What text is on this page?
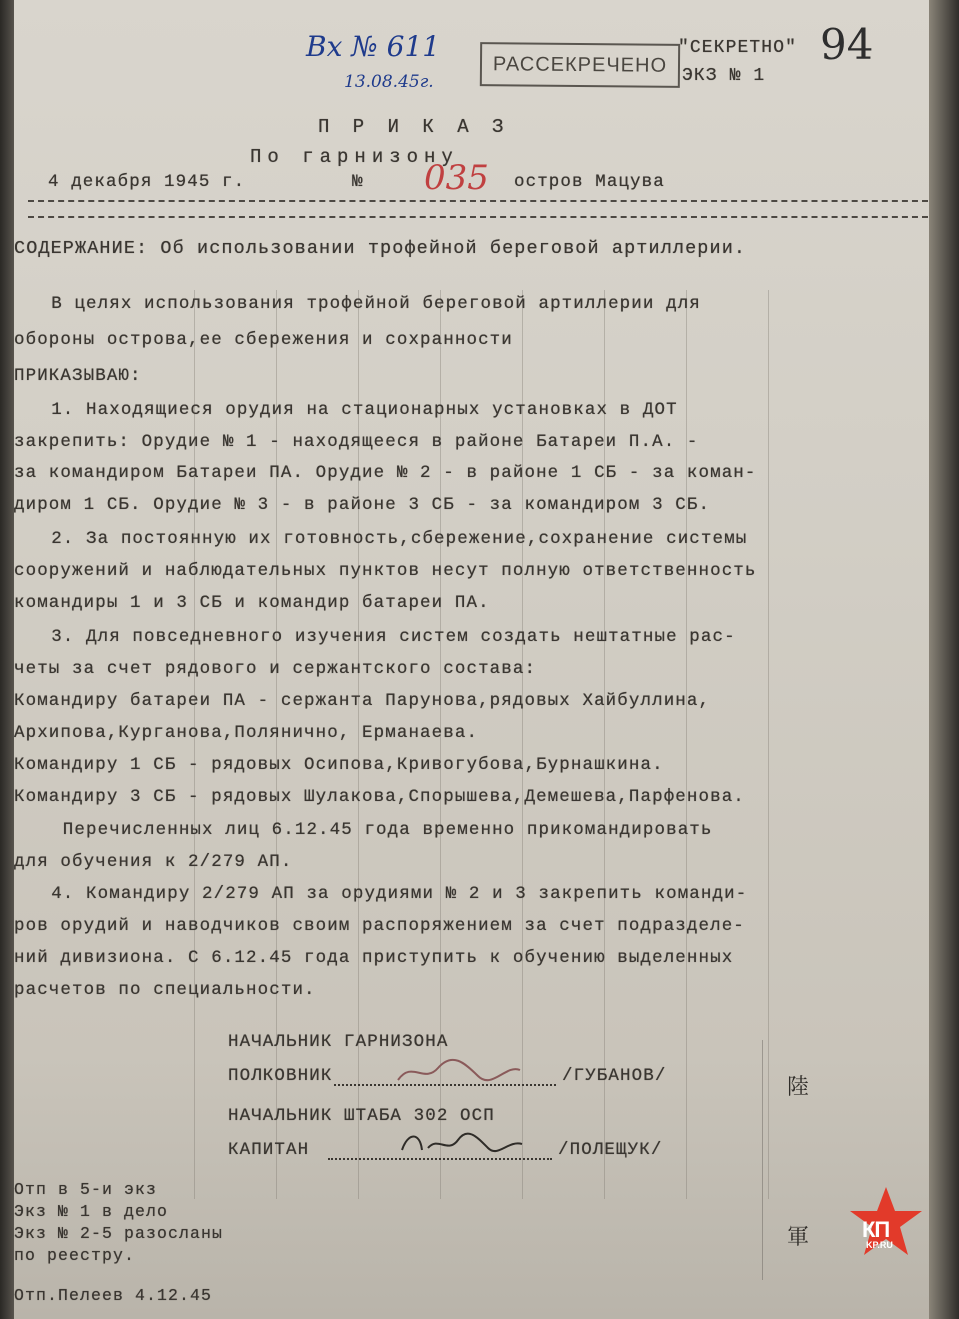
Вх № 611
13.08.45г.
РАССЕКРЕЧЕНО
"СЕКРЕТНО"
ЭКЗ № 1
94
П Р И К А З
По гарнизону
4 декабря 1945 г.	№ 035 остров Мацува
СОДЕРЖАНИЕ: Об использовании трофейной береговой артиллерии.
В целях использования трофейной береговой артиллерии для
обороны острова,ее сбережения и сохранности
ПРИКАЗЫВАЮ:
1. Находящиеся орудия на стационарных установках в ДОТ
закрепить: Орудие № 1 - находящееся в районе Батареи П.А. -
за командиром Батареи ПА. Орудие № 2 - в районе 1 СБ - за коман-
диром 1 СБ. Орудие № 3 - в районе 3 СБ - за командиром 3 СБ.
2. За постоянную их готовность,сбережение,сохранение системы
сооружений и наблюдательных пунктов несут полную ответственность
командиры 1 и 3 СБ и командир батареи ПА.
3. Для повседневного изучения систем создать нештатные рас-
четы за счет рядового и сержантского состава:
Командиру батареи ПА - сержанта Парунова,рядовых Хайбуллина,
Архипова,Курганова,Полянично, Ерманаева.
Командиру 1 СБ - рядовых Осипова,Кривогубова,Бурнашкина.
Командиру 3 СБ - рядовых Шулакова,Спорышева,Демешева,Парфенова.
Перечисленных лиц 6.12.45 года временно прикомандировать
для обучения к 2/279 АП.
4. Командиру 2/279 АП за орудиями № 2 и 3 закрепить команди-
ров орудий и наводчиков своим распоряжением за счет подразделе-
ний дивизиона. С 6.12.45 года приступить к обучению выделенных
расчетов по специальности.
НАЧАЛЬНИК ГАРНИЗОНА
ПОЛКОВНИК	/ГУБАНОВ/
НАЧАЛЬНИК ШТАБА 302 ОСП
КАПИТАН	/ПОЛЕЩУК/
Отп в 5-и экз
Экз № 1 в дело
Экз № 2-5 разосланы
по реестру.
Отп.Пелеев 4.12.45
陸
軍	КП
KP.RU
